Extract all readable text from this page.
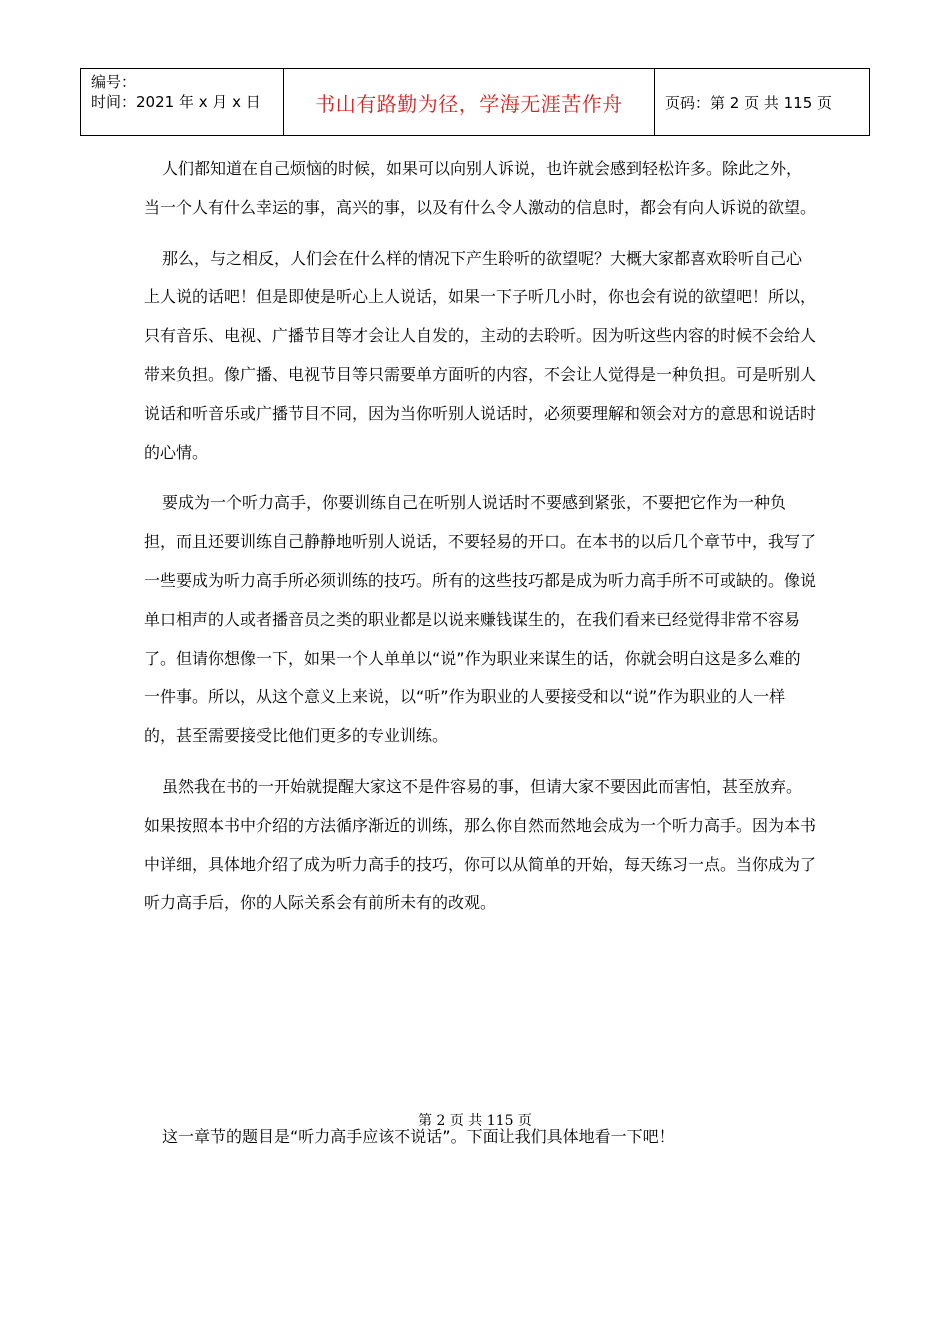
编号：
时间：2021 年 x 月 x 日	书山有路勤为径，学海无涯苦作舟	页码：第 2 页 共 115 页

人们都知道在自己烦恼的时候，如果可以向别人诉说，也许就会感到轻松许多。除此之外，当一个人有什么幸运的事，高兴的事，以及有什么令人激动的信息时，都会有向人诉说的欲望。

那么，与之相反，人们会在什么样的情况下产生聆听的欲望呢？大概大家都喜欢聆听自己心上人说的话吧！但是即使是听心上人说话，如果一下子听几小时，你也会有说的欲望吧！所以，只有音乐、电视、广播节目等才会让人自发的，主动的去聆听。因为听这些内容的时候不会给人带来负担。像广播、电视节目等只需要单方面听的内容，不会让人觉得是一种负担。可是听别人说话和听音乐或广播节目不同，因为当你听别人说话时，必须要理解和领会对方的意思和说话时的心情。

要成为一个听力高手，你要训练自己在听别人说话时不要感到紧张，不要把它作为一种负担，而且还要训练自己静静地听别人说话，不要轻易的开口。在本书的以后几个章节中，我写了一些要成为听力高手所必须训练的技巧。所有的这些技巧都是成为听力高手所不可或缺的。像说单口相声的人或者播音员之类的职业都是以说来赚钱谋生的，在我们看来已经觉得非常不容易了。但请你想像一下，如果一个人单单以“说”作为职业来谋生的话，你就会明白这是多么难的一件事。所以，从这个意义上来说，以“听”作为职业的人要接受和以“说”作为职业的人一样的，甚至需要接受比他们更多的专业训练。

虽然我在书的一开始就提醒大家这不是件容易的事，但请大家不要因此而害怕，甚至放弃。如果按照本书中介绍的方法循序渐近的训练，那么你自然而然地会成为一个听力高手。因为本书中详细，具体地介绍了成为听力高手的技巧，你可以从简单的开始，每天练习一点。当你成为了听力高手后，你的人际关系会有前所未有的改观。

第 2 页 共 115 页
这一章节的题目是“听力高手应该不说话”。下面让我们具体地看一下吧！
